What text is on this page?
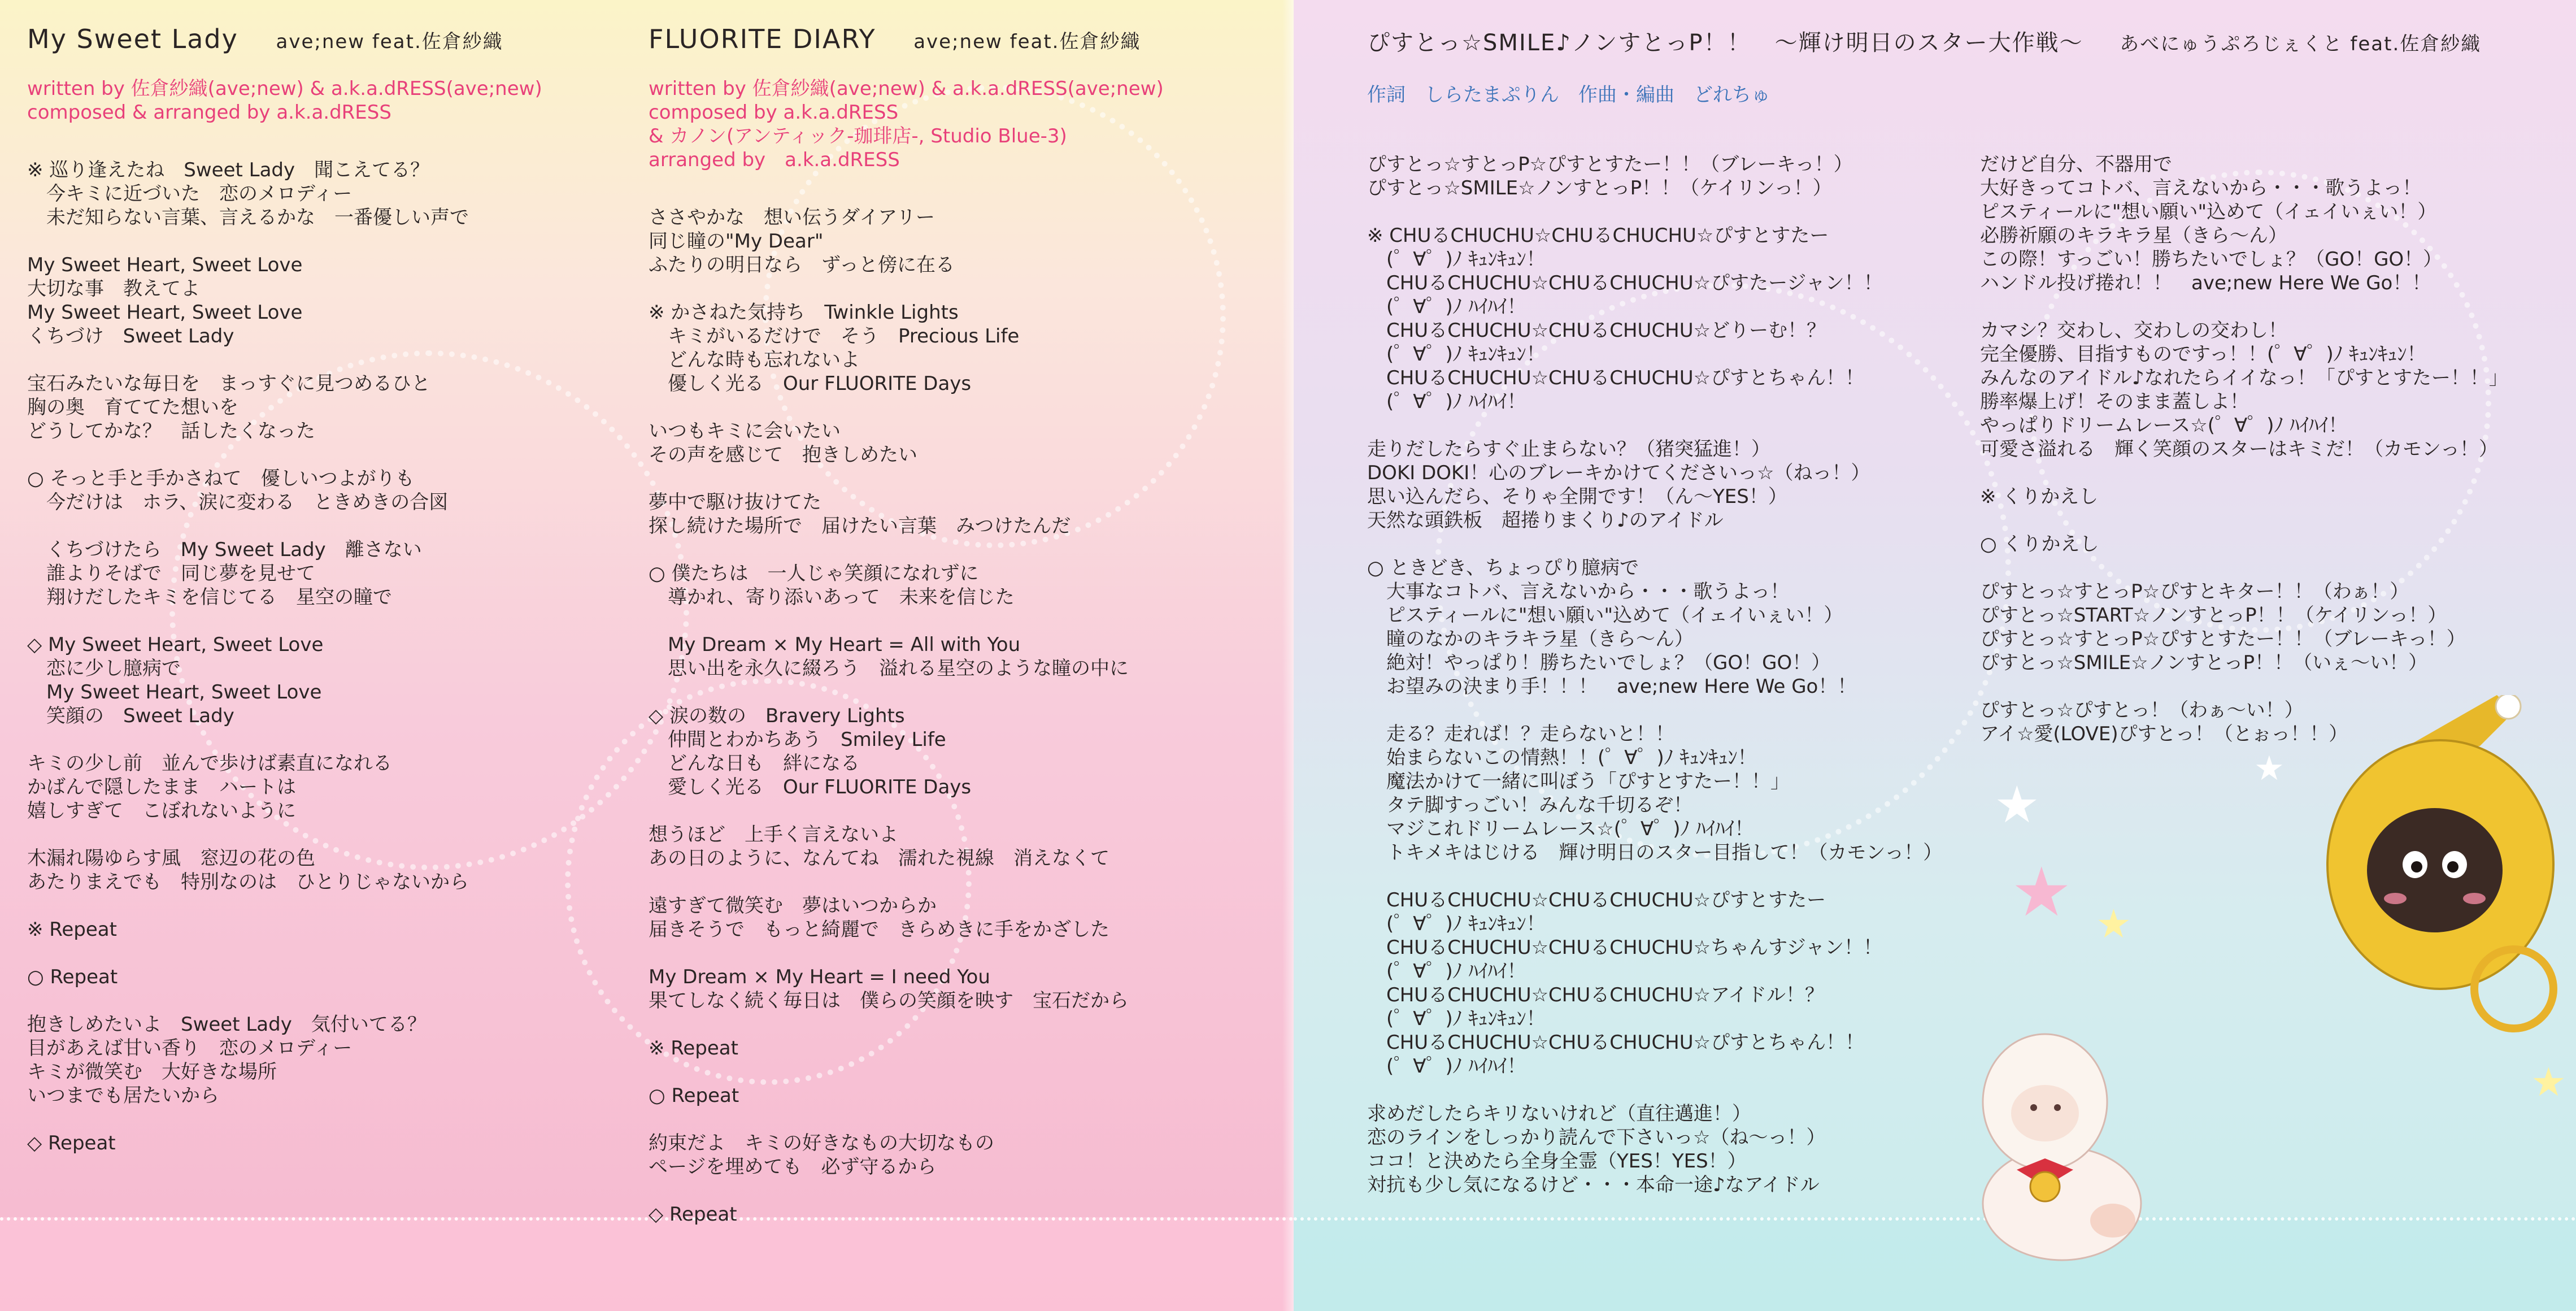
My Sweet Lady ave;new feat.佐倉紗織
written by 佐倉紗織(ave;new) & a.k.a.dRESS(ave;new)
composed & arranged by a.k.a.dRESS
※ 巡り逢えたね　Sweet Lady　聞こえてる？
　今キミに近づいた　恋のメロディー
　未だ知らない言葉、言えるかな　一番優しい声で

My Sweet Heart, Sweet Love
大切な事　教えてよ
My Sweet Heart, Sweet Love
くちづけ　Sweet Lady

宝石みたいな毎日を　まっすぐに見つめるひと
胸の奥　育ててた想いを
どうしてかな？　話したくなった

○ そっと手と手かさねて　優しいつよがりも
　今だけは　ホラ、涙に変わる　ときめきの合図

　くちづけたら　My Sweet Lady　離さない
　誰よりそばで　同じ夢を見せて
　翔けだしたキミを信じてる　星空の瞳で

◇ My Sweet Heart, Sweet Love
　恋に少し臆病で
　My Sweet Heart, Sweet Love
　笑顔の　Sweet Lady

キミの少し前　並んで歩けば素直になれる
かばんで隠したまま　ハートは
嬉しすぎて　こぼれないように

木漏れ陽ゆらす風　窓辺の花の色
あたりまえでも　特別なのは　ひとりじゃないから

※ Repeat

○ Repeat

抱きしめたいよ　Sweet Lady　気付いてる？
目があえば甘い香り　恋のメロディー
キミが微笑む　大好きな場所
いつまでも居たいから

◇ Repeat
FLUORITE DIARY ave;new feat.佐倉紗織
written by 佐倉紗織(ave;new) & a.k.a.dRESS(ave;new)
composed by a.k.a.dRESS
& カノン(アンティック-珈琲店-, Studio Blue-3)
arranged by　a.k.a.dRESS
ささやかな　想い伝うダイアリー
同じ瞳の"My Dear"
ふたりの明日なら　ずっと傍に在る

※ かさねた気持ち　Twinkle Lights
　キミがいるだけで　そう　Precious Life
　どんな時も忘れないよ
　優しく光る　Our FLUORITE Days

いつもキミに会いたい
その声を感じて　抱きしめたい

夢中で駆け抜けてた
探し続けた場所で　届けたい言葉　みつけたんだ

○ 僕たちは　一人じゃ笑顔になれずに
　導かれ、寄り添いあって　未来を信じた

　My Dream × My Heart = All with You
　思い出を永久に綴ろう　溢れる星空のような瞳の中に

◇ 涙の数の　Bravery Lights
　仲間とわかちあう　Smiley Life
　どんな日も　絆になる
　愛しく光る　Our FLUORITE Days

想うほど　上手く言えないよ
あの日のように、なんてね　濡れた視線　消えなくて

遠すぎて微笑む　夢はいつからか
届きそうで　もっと綺麗で　きらめきに手をかざした

My Dream × My Heart = I need You
果てしなく続く毎日は　僕らの笑顔を映す　宝石だから

※ Repeat

○ Repeat

約束だよ　キミの好きなもの大切なもの
ページを埋めても　必ず守るから

◇ Repeat
★
★ ★
★
★
ぴすとっ☆SMILE♪ノンすとっP！！　～輝け明日のスター大作戦～ あべにゅうぷろじぇくと feat.佐倉紗織
作詞　しらたまぷりん　作曲・編曲　どれちゅ
ぴすとっ☆すとっP☆ぴすとすたー！！（ブレーキっ！）
ぴすとっ☆SMILE☆ノンすとっP！！（ケイリンっ！）

※ CHUるCHUCHU☆CHUるCHUCHU☆ぴすとすたー
　(゜∀゜)ﾉ ｷｭﾝｷｭﾝ！
　CHUるCHUCHU☆CHUるCHUCHU☆ぴすたージャン！！
　(゜∀゜)ﾉ ﾊｲﾊｲ！
　CHUるCHUCHU☆CHUるCHUCHU☆どりーむ！？
　(゜∀゜)ﾉ ｷｭﾝｷｭﾝ！
　CHUるCHUCHU☆CHUるCHUCHU☆ぴすとちゃん！！
　(゜∀゜)ﾉ ﾊｲﾊｲ！

走りだしたらすぐ止まらない？（猪突猛進！）
DOKI DOKI！心のブレーキかけてくださいっ☆（ねっ！）
思い込んだら、そりゃ全開です！（ん～YES！）
天然な頭鉄板　超捲りまくり♪のアイドル

○ ときどき、ちょっぴり臆病で
　大事なコトバ、言えないから・・・歌うよっ！
　ピスティールに"想い願い"込めて（イェイいぇい！）
　瞳のなかのキラキラ星（きら～ん）
　絶対！やっぱり！勝ちたいでしょ？（GO！GO！）
　お望みの決まり手！！！　ave;new Here We Go！！

　走る？走れば！？走らないと！！
　始まらないこの情熱！！(゜∀゜)ﾉ ｷｭﾝｷｭﾝ！
　魔法かけて一緒に叫ぼう「ぴすとすたー！！」
　タテ脚すっごい！みんな千切るぞ！
　マジこれドリームレース☆(゜∀゜)ﾉ ﾊｲﾊｲ！
　トキメキはじける　輝け明日のスター目指して！（カモンっ！）

　CHUるCHUCHU☆CHUるCHUCHU☆ぴすとすたー
　(゜∀゜)ﾉ ｷｭﾝｷｭﾝ！
　CHUるCHUCHU☆CHUるCHUCHU☆ちゃんすジャン！！
　(゜∀゜)ﾉ ﾊｲﾊｲ！
　CHUるCHUCHU☆CHUるCHUCHU☆アイドル！？
　(゜∀゜)ﾉ ｷｭﾝｷｭﾝ！
　CHUるCHUCHU☆CHUるCHUCHU☆ぴすとちゃん！！
　(゜∀゜)ﾉ ﾊｲﾊｲ！

求めだしたらキリないけれど（直往邁進！）
恋のラインをしっかり読んで下さいっ☆（ね～っ！）
ココ！と決めたら全身全霊（YES！YES！）
対抗も少し気になるけど・・・本命一途♪なアイドル
だけど自分、不器用で
大好きってコトバ、言えないから・・・歌うよっ！
ピスティールに"想い願い"込めて（イェイいぇい！）
必勝祈願のキラキラ星（きら～ん）
この際！すっごい！勝ちたいでしょ？（GO！GO！）
ハンドル投げ捲れ！！　ave;new Here We Go！！

カマシ？交わし、交わしの交わし！
完全優勝、目指すものですっ！！(゜∀゜)ﾉ ｷｭﾝｷｭﾝ！
みんなのアイドル♪なれたらイイなっ！「ぴすとすたー！！」
勝率爆上げ！そのまま蓋しよ！
やっぱりドリームレース☆(゜∀゜)ﾉ ﾊｲﾊｲ！
可愛さ溢れる　輝く笑顔のスターはキミだ！（カモンっ！）

※ くりかえし

○ くりかえし

ぴすとっ☆すとっP☆ぴすとキター！！（わぁ！）
ぴすとっ☆START☆ノンすとっP！！（ケイリンっ！）
ぴすとっ☆すとっP☆ぴすとすたー！！（ブレーキっ！）
ぴすとっ☆SMILE☆ノンすとっP！！（いぇ～い！）

ぴすとっ☆ぴすとっ！（わぁ～い！）
アイ☆愛(LOVE)ぴすとっ！（とぉっ！！）
